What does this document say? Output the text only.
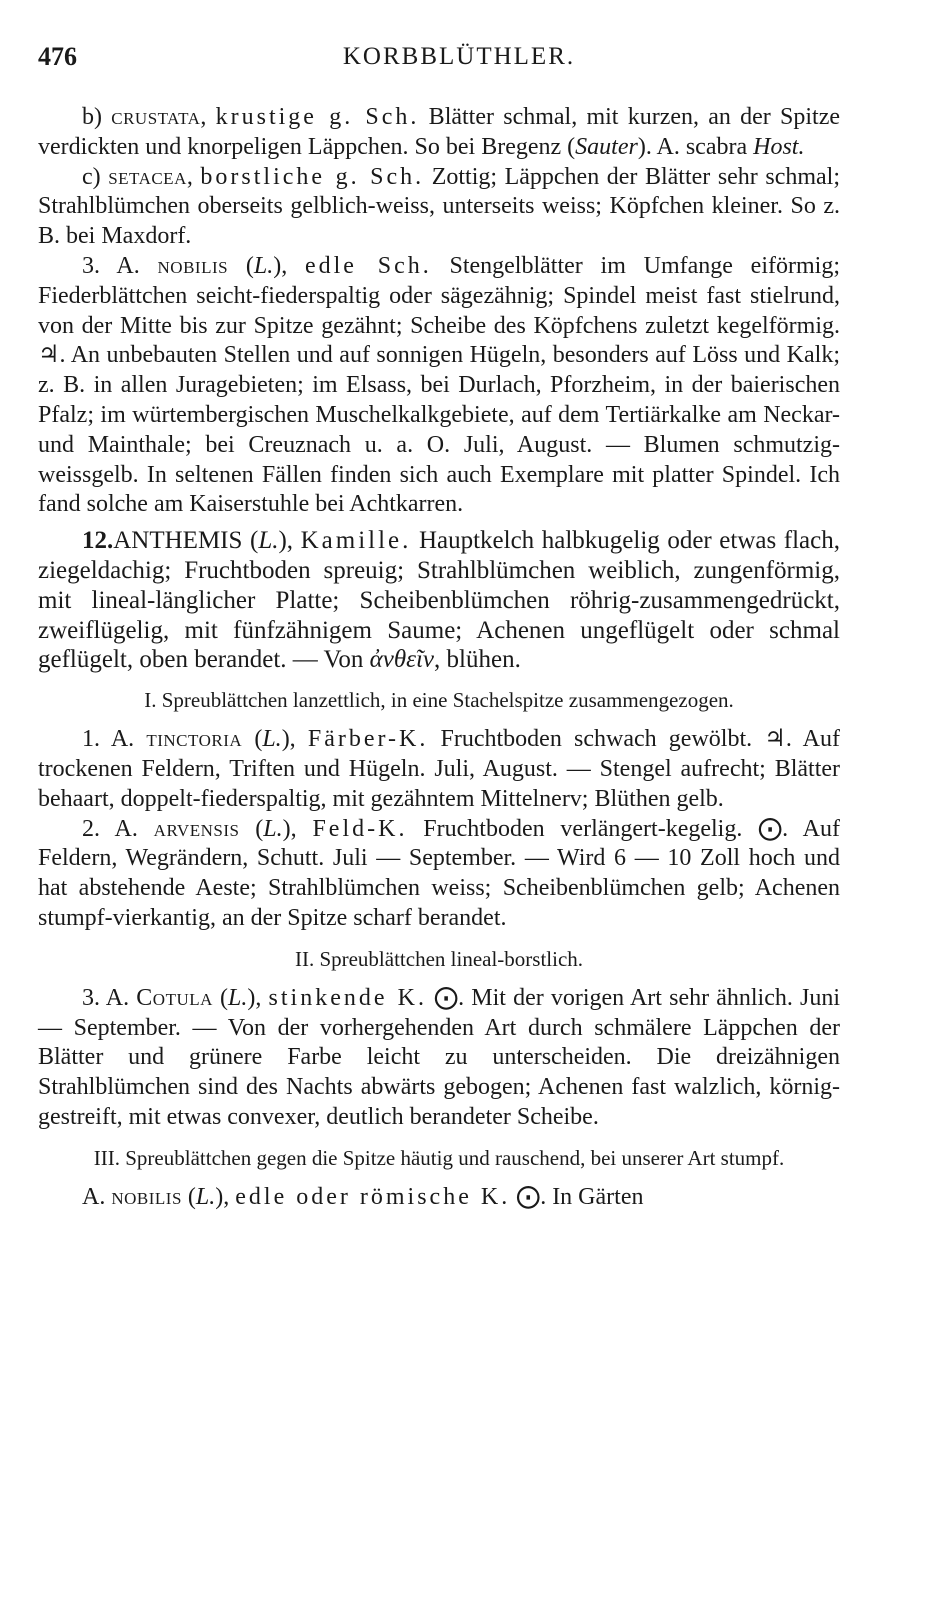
476	KORBBLÜTHLER.

b) crustata, krustige g. Sch. Blätter schmal, mit kurzen, an der Spitze verdickten und knorpeligen Läppchen. So bei Bregenz (Sauter). A. scabra Host.

c) setacea, borstliche g. Sch. Zottig; Läppchen der Blätter sehr schmal; Strahlblümchen oberseits gelblich-weiss, unterseits weiss; Köpfchen kleiner. So z. B. bei Maxdorf.

3. A. nobilis (L.), edle Sch. Stengelblätter im Umfange eiförmig; Fiederblättchen seicht-fiederspaltig oder sägezähnig; Spindel meist fast stielrund, von der Mitte bis zur Spitze gezähnt; Scheibe des Köpfchens zuletzt kegelförmig. ♃. An unbebauten Stellen und auf sonnigen Hügeln, besonders auf Löss und Kalk; z. B. in allen Juragebieten; im Elsass, bei Durlach, Pforzheim, in der baierischen Pfalz; im würtembergischen Muschelkalkgebiete, auf dem Tertiärkalke am Neckar- und Mainthale; bei Creuznach u. a. O. Juli, August. — Blumen schmutzig-weissgelb. In seltenen Fällen finden sich auch Exemplare mit platter Spindel. Ich fand solche am Kaiserstuhle bei Achtkarren.

12.ANTHEMIS (L.), Kamille. Hauptkelch halbkugelig oder etwas flach, ziegeldachig; Fruchtboden spreuig; Strahlblümchen weiblich, zungenförmig, mit lineal-länglicher Platte; Scheibenblümchen röhrig-zusammengedrückt, zweiflügelig, mit fünfzähnigem Saume; Achenen ungeflügelt oder schmal geflügelt, oben berandet. — Von ἀνθεῖν, blühen.

I. Spreublättchen lanzettlich, in eine Stachelspitze zusammengezogen.

1. A. tinctoria (L.), Färber-K. Fruchtboden schwach gewölbt. ♃. Auf trockenen Feldern, Triften und Hügeln. Juli, August. — Stengel aufrecht; Blätter behaart, doppelt-fiederspaltig, mit gezähntem Mittelnerv; Blüthen gelb.

2. A. arvensis (L.), Feld-K. Fruchtboden verlängert-kegelig. ⨀. Auf Feldern, Wegrändern, Schutt. Juli — September. — Wird 6 — 10 Zoll hoch und hat abstehende Aeste; Strahlblümchen weiss; Scheibenblümchen gelb; Achenen stumpf-vierkantig, an der Spitze scharf berandet.

II. Spreublättchen lineal-borstlich.

3. A. Cotula (L.), stinkende K. ⨀. Mit der vorigen Art sehr ähnlich. Juni — September. — Von der vorhergehenden Art durch schmälere Läppchen der Blätter und grünere Farbe leicht zu unterscheiden. Die dreizähnigen Strahlblümchen sind des Nachts abwärts gebogen; Achenen fast walzlich, körnig-gestreift, mit etwas convexer, deutlich berandeter Scheibe.

III. Spreublättchen gegen die Spitze häutig und rauschend, bei unserer Art stumpf.

A. nobilis (L.), edle oder römische K. ⨀. In Gärten
